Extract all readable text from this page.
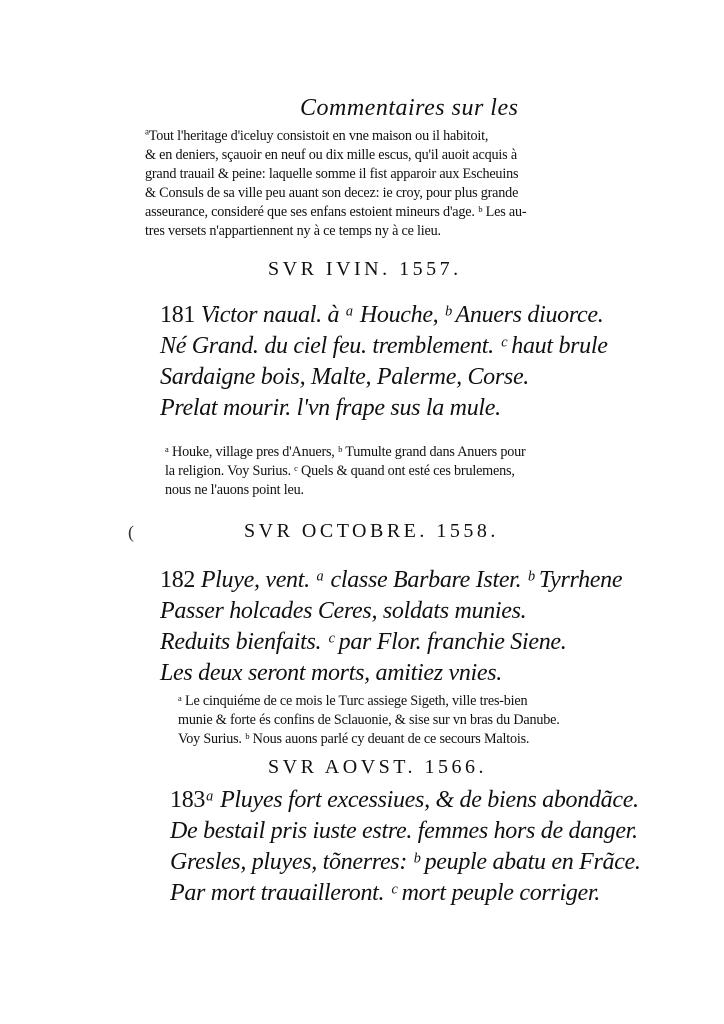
Commentaires sur les
$^a$Tout l'heritage d'iceluy consistoit en vne maison ou il habitoit,
& en deniers, sçauoir en neuf ou dix mille escus, qu'il auoit acquis à
grand trauail & peine: laquelle somme il fist apparoir aux Escheuins
& Consuls de sa ville peu auant son decez: ie croy, pour plus grande
asseurance, consideré que ses enfans estoient mineurs d'age. ᵇ Les au-
tres versets n'appartiennent ny à ce temps ny à ce lieu.
SVR IVIN. 1557.
181 Victor naual. à ᵃ Houche, ᵇ Anuers diuorce.
Né Grand. du ciel feu. tremblement. ᶜ haut brule
Sardaigne bois, Malte, Palerme, Corse.
Prelat mourir. l'vn frape sus la mule.
ᵃ Houke, village pres d'Anuers, ᵇ Tumulte grand dans Anuers pour
la religion. Voy Surius. ᶜ Quels & quand ont esté ces brulemens,
nous ne l'auons point leu.
(	SVR OCTOBRE. 1558.
182 Pluye, vent. ᵃ classe Barbare Ister. ᵇ Tyrrhene
Passer holcades Ceres, soldats munies.
Reduits bienfaits. ᶜ par Flor. franchie Siene.
Les deux seront morts, amitiez vnies.
ᵃ Le cinquiéme de ce mois le Turc assiege Sigeth, ville tres-bien
munie & forte és confins de Sclauonie, & sise sur vn bras du Danube.
Voy Surius. ᵇ Nous auons parlé cy deuant de ce secours Maltois.
SVR AOVST. 1566.
183ᵃ Pluyes fort excessiues, & de biens abondãce.
De bestail pris iuste estre. femmes hors de danger.
Gresles, pluyes, tõnerres: ᵇ peuple abatu en Frãce.
Par mort trauailleront. ᶜ mort peuple corriger.
